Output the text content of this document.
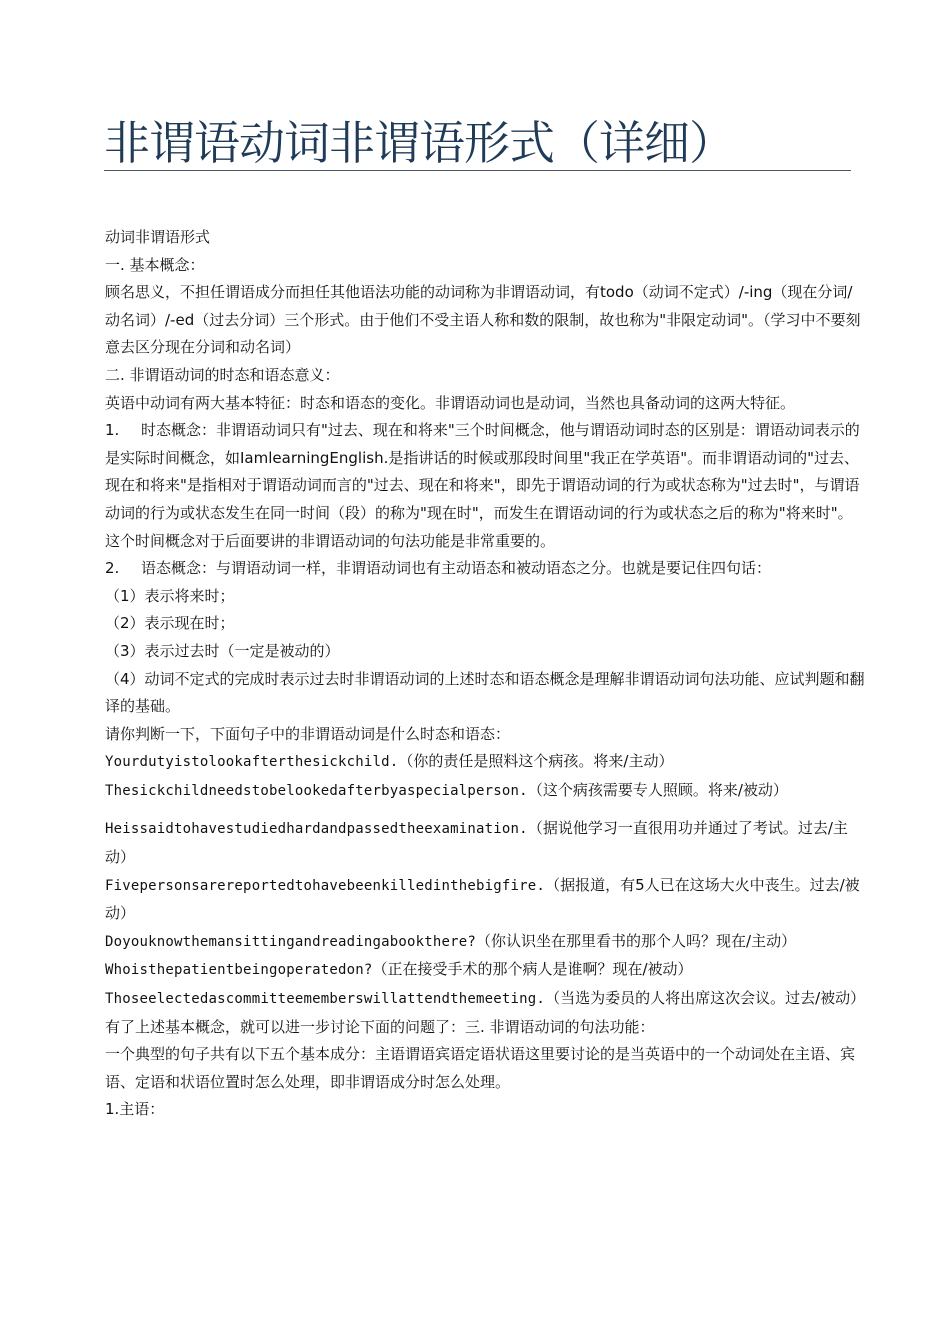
非谓语动词非谓语形式（详细）

动词非谓语形式

一. 基本概念：

顾名思义，不担任谓语成分而担任其他语法功能的动词称为非谓语动词，有todo（动词不定式）/-ing（现在分词/动名词）/-ed（过去分词）三个形式。由于他们不受主语人称和数的限制，故也称为"非限定动词"。（学习中不要刻意去区分现在分词和动名词）

二. 非谓语动词的时态和语态意义：

英语中动词有两大基本特征：时态和语态的变化。非谓语动词也是动词，当然也具备动词的这两大特征。

1. 时态概念：非谓语动词只有"过去、现在和将来"三个时间概念，他与谓语动词时态的区别是：谓语动词表示的是实际时间概念，如IamlearningEnglish.是指讲话的时候或那段时间里"我正在学英语"。而非谓语动词的"过去、现在和将来"是指相对于谓语动词而言的"过去、现在和将来"，即先于谓语动词的行为或状态称为"过去时"，与谓语动词的行为或状态发生在同一时间（段）的称为"现在时"，而发生在谓语动词的行为或状态之后的称为"将来时"。这个时间概念对于后面要讲的非谓语动词的句法功能是非常重要的。

2. 语态概念：与谓语动词一样，非谓语动词也有主动语态和被动语态之分。也就是要记住四句话：

（1）表示将来时；

（2）表示现在时；

（3）表示过去时（一定是被动的）

（4）动词不定式的完成时表示过去时非谓语动词的上述时态和语态概念是理解非谓语动词句法功能、应试判题和翻译的基础。

请你判断一下，下面句子中的非谓语动词是什么时态和语态：

Yourdutyistolookafterthesickchild.（你的责任是照料这个病孩。将来/主动）

Thesickchildneedstobelookedafterbyaspecialperson.（这个病孩需要专人照顾。将来/被动）

Heissaidtohavestudiedhardandpassedtheexamination.（据说他学习一直很用功并通过了考试。过去/主动）

Fivepersonsarereportedtohavebeenkilledinthebigfire.（据报道，有5人已在这场大火中丧生。过去/被动）

Doyouknowthemansittingandreadingabookthere?（你认识坐在那里看书的那个人吗？现在/主动）

Whoisthepatientbeingoperatedon?（正在接受手术的那个病人是谁啊？现在/被动）

Thoseelectedascommitteememberswillattendthemeeting.（当选为委员的人将出席这次会议。过去/被动）有了上述基本概念，就可以进一步讨论下面的问题了：三. 非谓语动词的句法功能：

一个典型的句子共有以下五个基本成分：主语谓语宾语定语状语这里要讨论的是当英语中的一个动词处在主语、宾语、定语和状语位置时怎么处理，即非谓语成分时怎么处理。

1.主语：
